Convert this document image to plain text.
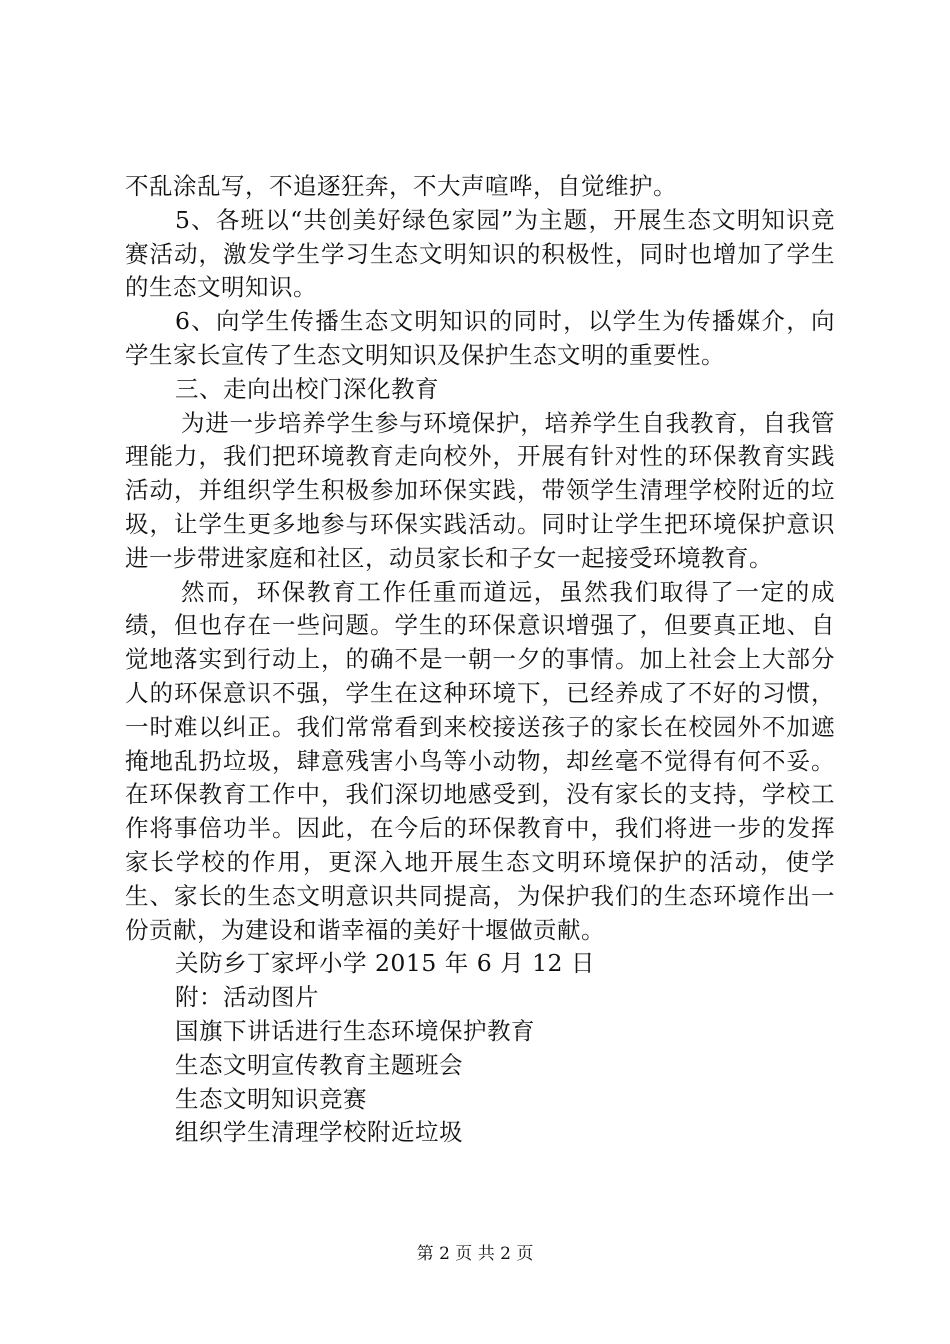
不乱涂乱写，不追逐狂奔，不大声喧哗，自觉维护。

5、各班以“共创美好绿色家园”为主题，开展生态文明知识竞赛活动，激发学生学习生态文明知识的积极性，同时也增加了学生的生态文明知识。

6、向学生传播生态文明知识的同时，以学生为传播媒介，向学生家长宣传了生态文明知识及保护生态文明的重要性。

三、走向出校门深化教育

为进一步培养学生参与环境保护，培养学生自我教育，自我管理能力，我们把环境教育走向校外，开展有针对性的环保教育实践活动，并组织学生积极参加环保实践，带领学生清理学校附近的垃圾，让学生更多地参与环保实践活动。同时让学生把环境保护意识进一步带进家庭和社区，动员家长和子女一起接受环境教育。

然而，环保教育工作任重而道远，虽然我们取得了一定的成绩，但也存在一些问题。学生的环保意识增强了，但要真正地、自觉地落实到行动上，的确不是一朝一夕的事情。加上社会上大部分人的环保意识不强，学生在这种环境下，已经养成了不好的习惯，一时难以纠正。我们常常看到来校接送孩子的家长在校园外不加遮掩地乱扔垃圾，肆意残害小鸟等小动物，却丝毫不觉得有何不妥。在环保教育工作中，我们深切地感受到，没有家长的支持，学校工作将事倍功半。因此，在今后的环保教育中，我们将进一步的发挥家长学校的作用，更深入地开展生态文明环境保护的活动，使学生、家长的生态文明意识共同提高，为保护我们的生态环境作出一份贡献，为建设和谐幸福的美好十堰做贡献。

关防乡丁家坪小学 2015 年 6 月 12 日

附：活动图片

国旗下讲话进行生态环境保护教育

生态文明宣传教育主题班会

生态文明知识竞赛

组织学生清理学校附近垃圾

第 2 页 共 2 页
